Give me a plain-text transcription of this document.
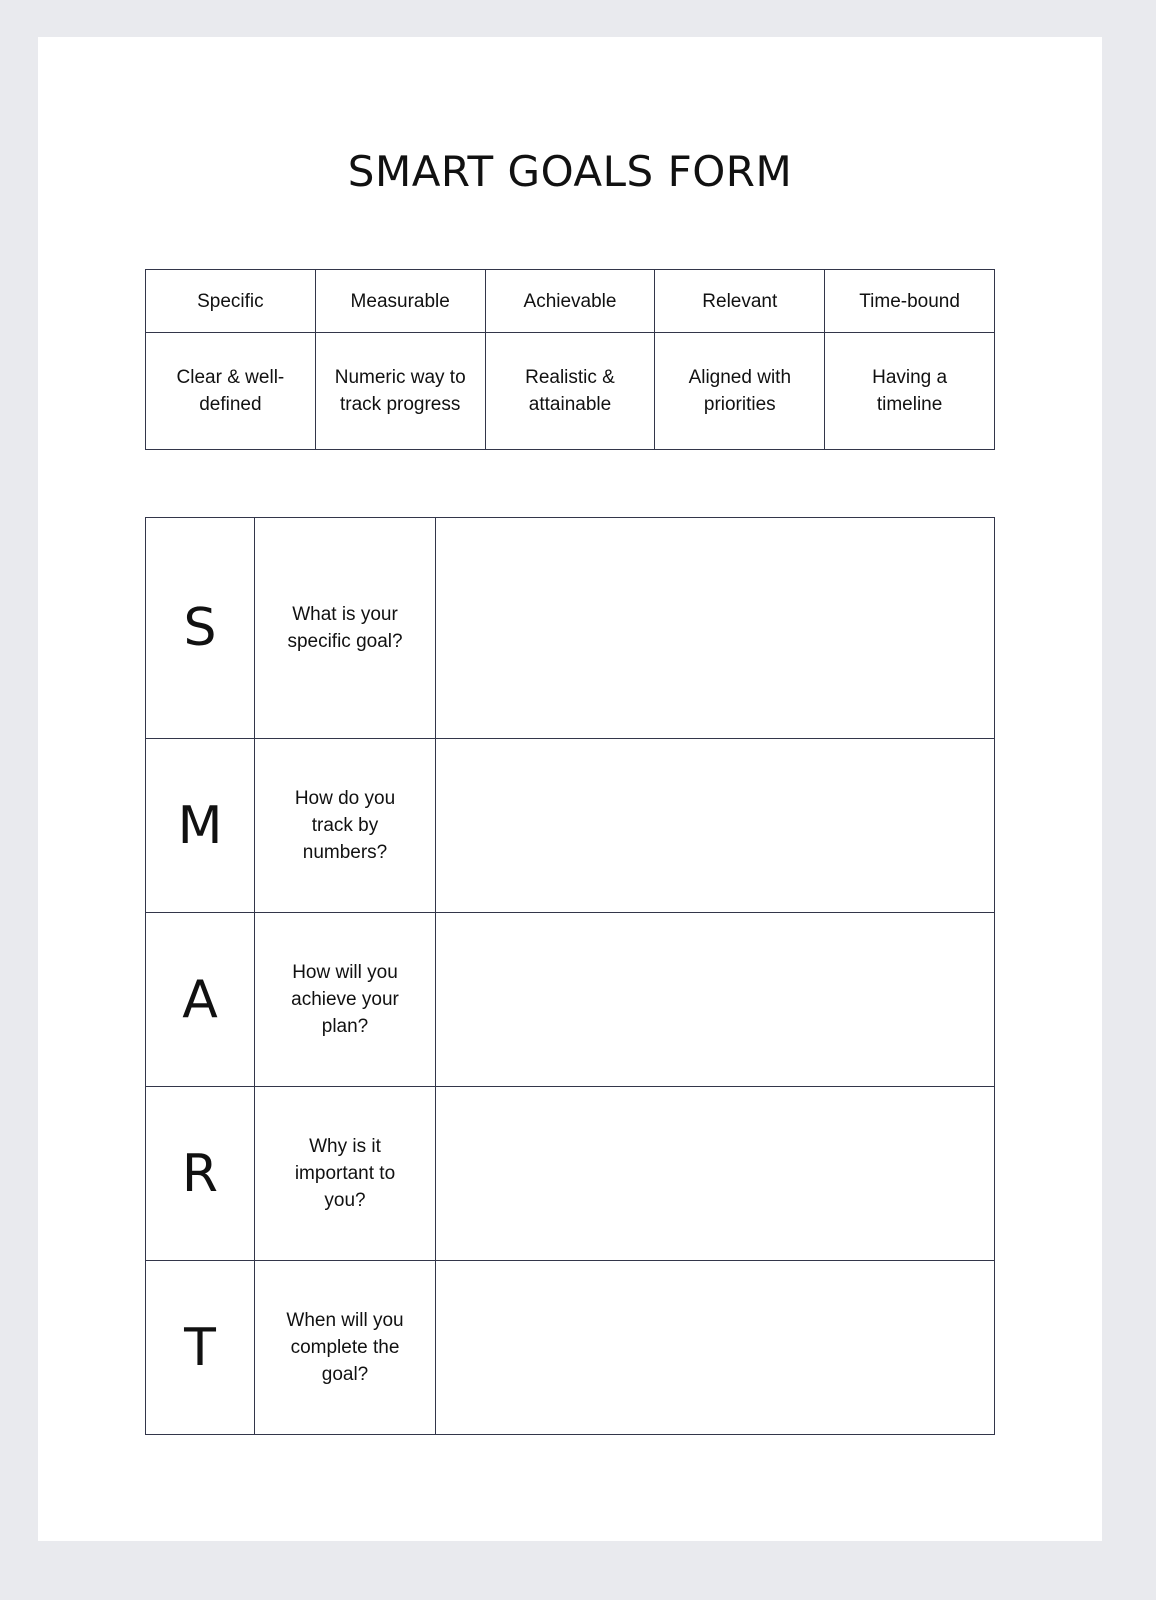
SMART GOALS FORM
Specific	Measurable	Achievable	Relevant	Time-bound
Clear & well-defined	Numeric way to track progress	Realistic & attainable	Aligned with priorities	Having a timeline
S	What is your specific goal?	
M	How do you track by numbers?	
A	How will you achieve your plan?	
R	Why is it important to you?	
T	When will you complete the goal?	
